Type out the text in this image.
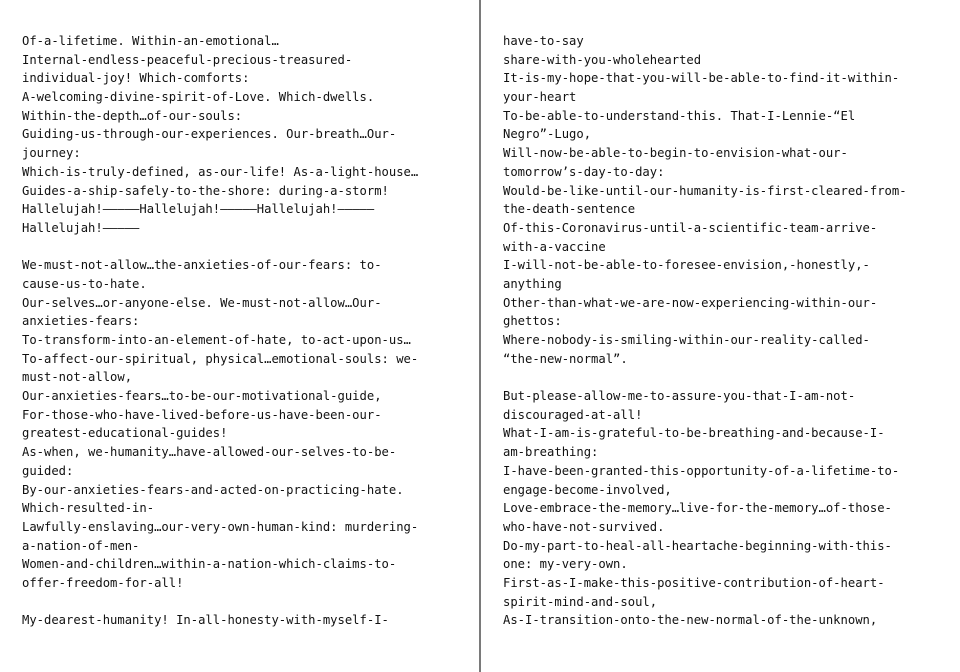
Of-a-lifetime. Within-an-emotional…
Internal-endless-peaceful-precious-treasured-
individual-joy! Which-comforts:
A-welcoming-divine-spirit-of-Love. Which-dwells.
Within-the-depth…of-our-souls:
Guiding-us-through-our-experiences. Our-breath…Our-
journey:
Which-is-truly-defined, as-our-life! As-a-light-house…
Guides-a-ship-safely-to-the-shore: during-a-storm!
Hallelujah!—————Hallelujah!—————Hallelujah!—————
Hallelujah!—————

We-must-not-allow…the-anxieties-of-our-fears: to-
cause-us-to-hate.
Our-selves…or-anyone-else. We-must-not-allow…Our-
anxieties-fears:
To-transform-into-an-element-of-hate, to-act-upon-us…
To-affect-our-spiritual, physical…emotional-souls: we-
must-not-allow,
Our-anxieties-fears…to-be-our-motivational-guide,
For-those-who-have-lived-before-us-have-been-our-
greatest-educational-guides!
As-when, we-humanity…have-allowed-our-selves-to-be-
guided:
By-our-anxieties-fears-and-acted-on-practicing-hate.
Which-resulted-in-
Lawfully-enslaving…our-very-own-human-kind: murdering-
a-nation-of-men-
Women-and-children…within-a-nation-which-claims-to-
offer-freedom-for-all!

My-dearest-humanity! In-all-honesty-with-myself-I-
have-to-say
share-with-you-wholehearted
It-is-my-hope-that-you-will-be-able-to-find-it-within-
your-heart
To-be-able-to-understand-this. That-I-Lennie-“El
Negro”-Lugo,
Will-now-be-able-to-begin-to-envision-what-our-
tomorrow’s-day-to-day:
Would-be-like-until-our-humanity-is-first-cleared-from-
the-death-sentence
Of-this-Coronavirus-until-a-scientific-team-arrive-
with-a-vaccine
I-will-not-be-able-to-foresee-envision,-honestly,-
anything
Other-than-what-we-are-now-experiencing-within-our-
ghettos:
Where-nobody-is-smiling-within-our-reality-called-
“the-new-normal”.

But-please-allow-me-to-assure-you-that-I-am-not-
discouraged-at-all!
What-I-am-is-grateful-to-be-breathing-and-because-I-
am-breathing:
I-have-been-granted-this-opportunity-of-a-lifetime-to-
engage-become-involved,
Love-embrace-the-memory…live-for-the-memory…of-those-
who-have-not-survived.
Do-my-part-to-heal-all-heartache-beginning-with-this-
one: my-very-own.
First-as-I-make-this-positive-contribution-of-heart-
spirit-mind-and-soul,
As-I-transition-onto-the-new-normal-of-the-unknown,
